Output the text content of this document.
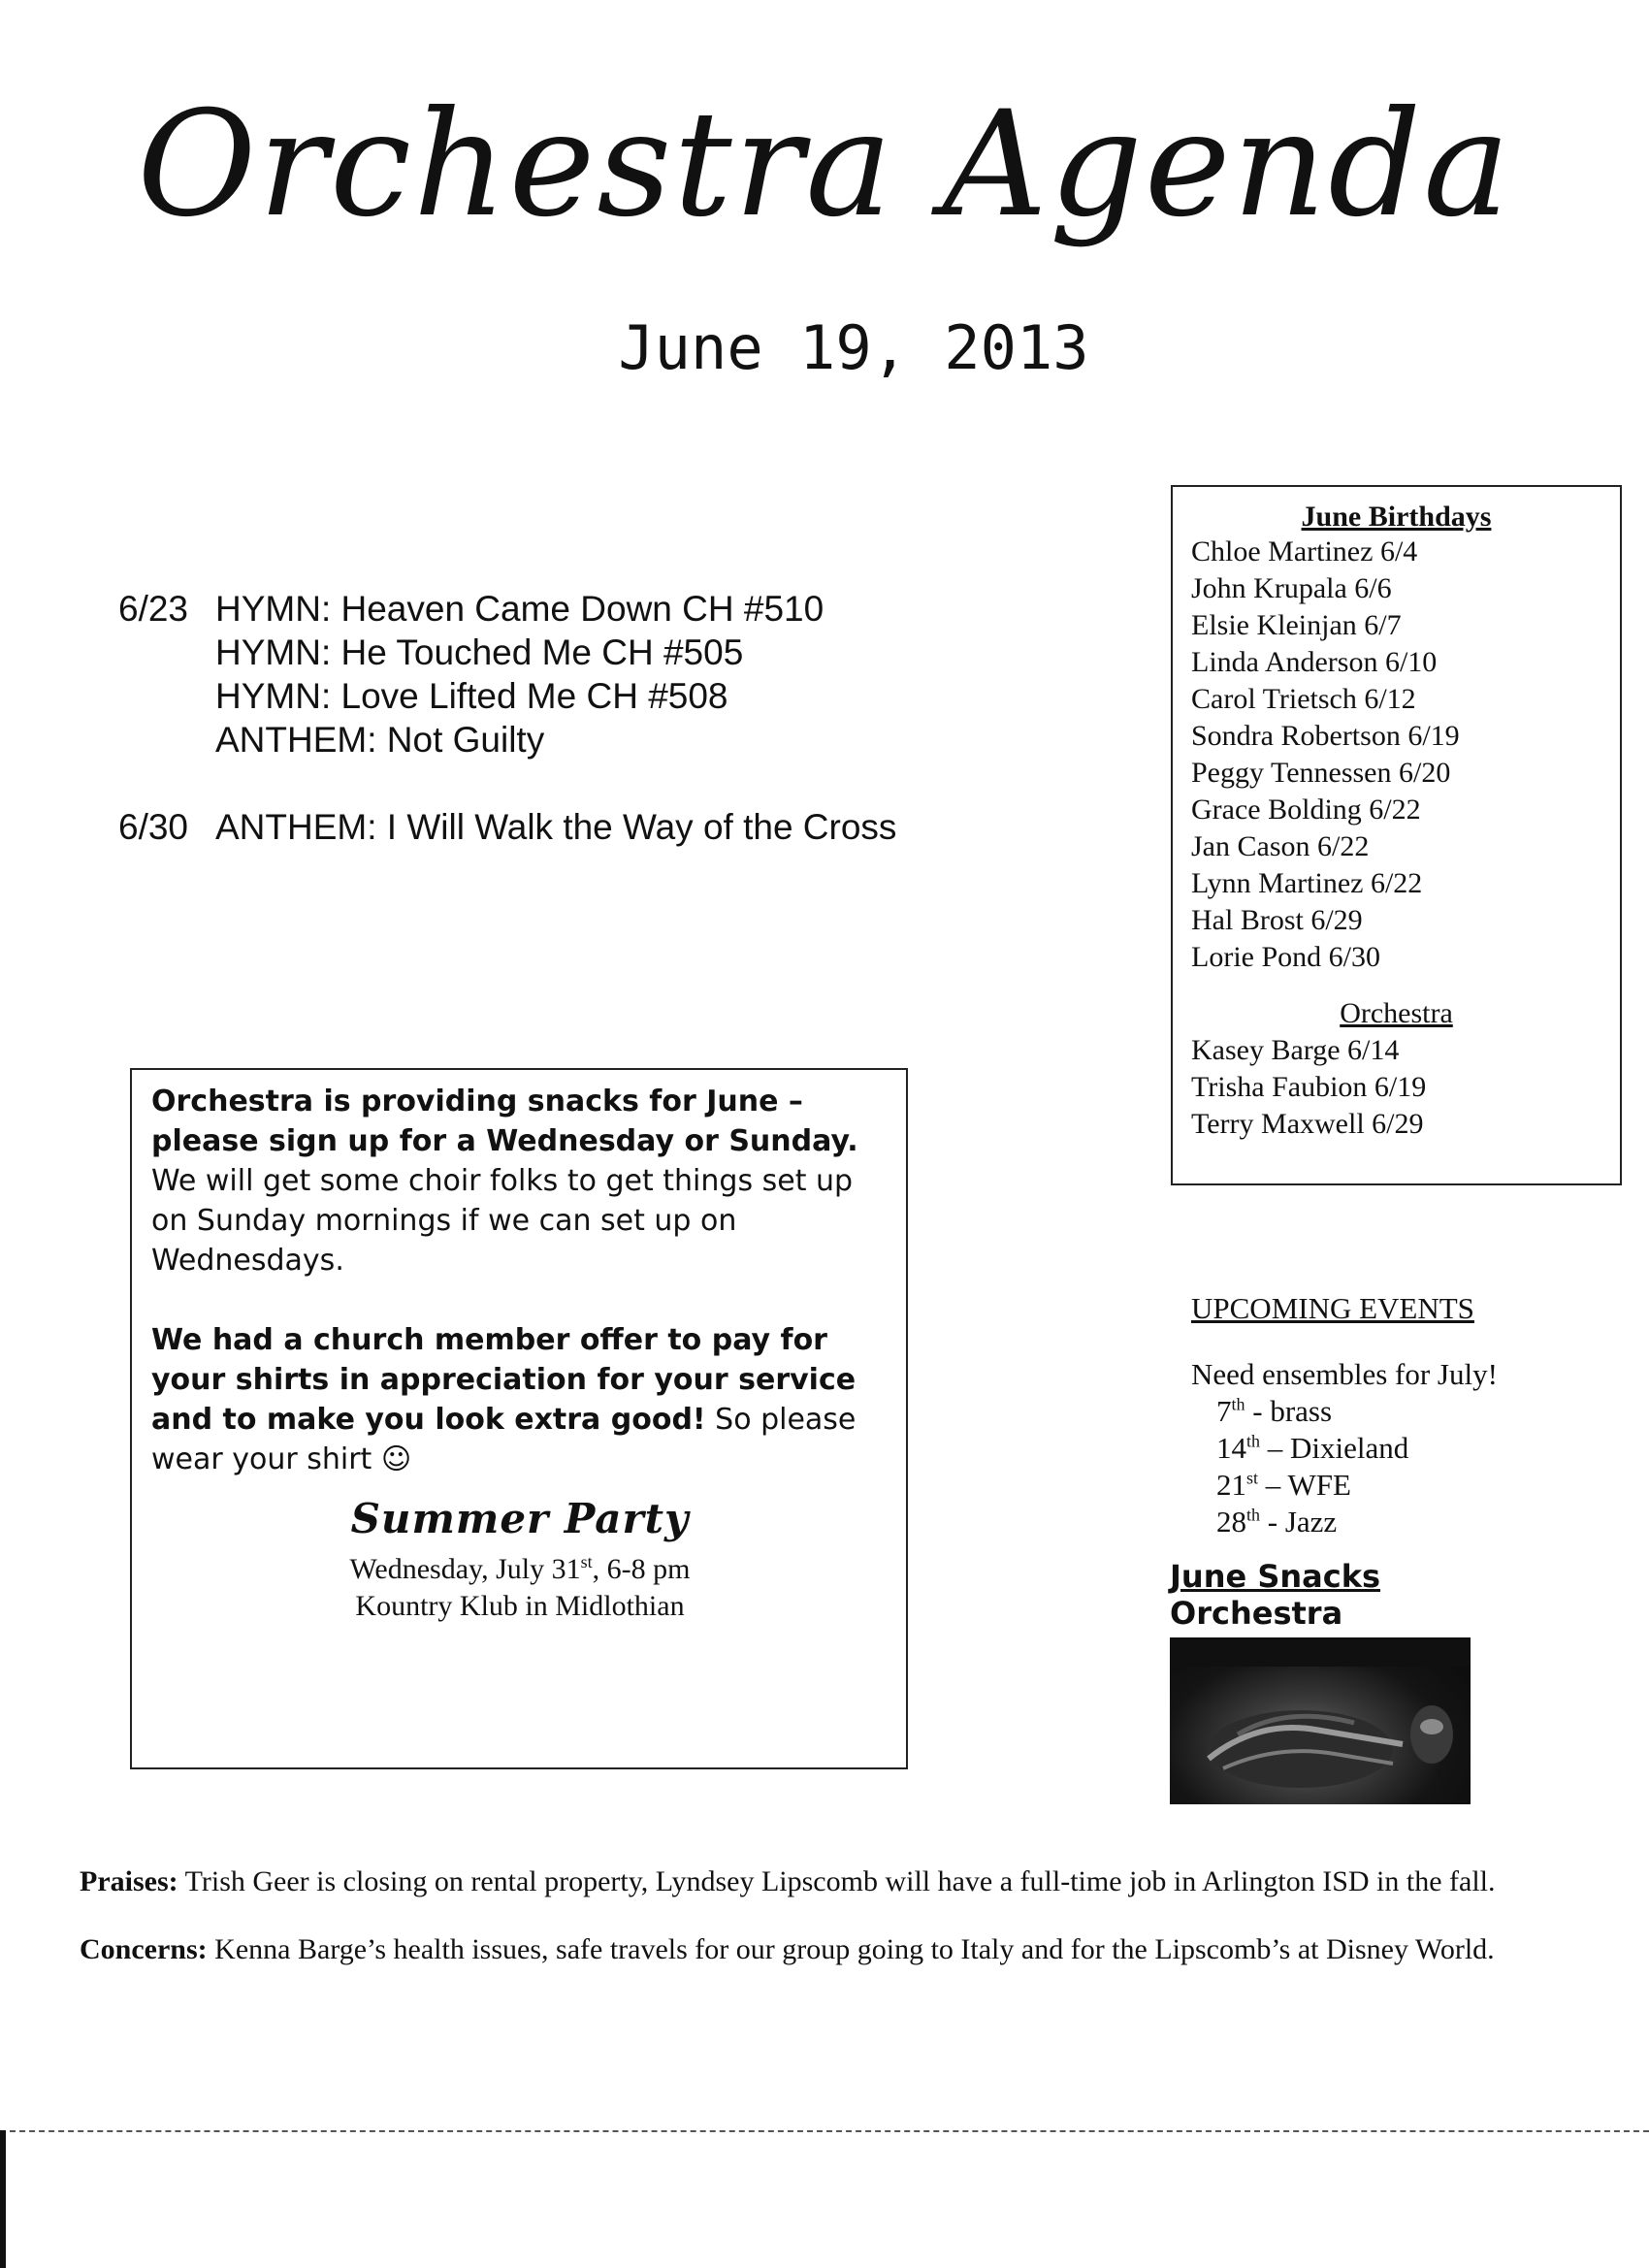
Orchestra Agenda
June 19, 2013
6/23 HYMN: Heaven Came Down CH #510
HYMN: He Touched Me CH #505
HYMN: Love Lifted Me CH #508
ANTHEM: Not Guilty
6/30 ANTHEM: I Will Walk the Way of the Cross
June Birthdays
Chloe Martinez 6/4
John Krupala 6/6
Elsie Kleinjan 6/7
Linda Anderson 6/10
Carol Trietsch 6/12
Sondra Robertson 6/19
Peggy Tennessen 6/20
Grace Bolding 6/22
Jan Cason 6/22
Lynn Martinez 6/22
Hal Brost 6/29
Lorie Pond 6/30
Orchestra
Kasey Barge 6/14
Trisha Faubion 6/19
Terry Maxwell 6/29

Orchestra is providing snacks for June – please sign up for a Wednesday or Sunday. We will get some choir folks to get things set up on Sunday mornings if we can set up on Wednesdays.

We had a church member offer to pay for your shirts in appreciation for your service and to make you look extra good! So please wear your shirt ☺

Summer Party
Wednesday, July 31st, 6-8 pm
Kountry Klub in Midlothian
UPCOMING EVENTS
Need ensembles for July!
7th - brass
14th – Dixieland
21st – WFE
28th - Jazz
June Snacks
Orchestra

Praises: Trish Geer is closing on rental property, Lyndsey Lipscomb will have a full-time job in Arlington ISD in the fall.

Concerns: Kenna Barge’s health issues, safe travels for our group going to Italy and for the Lipscomb’s at Disney World.
